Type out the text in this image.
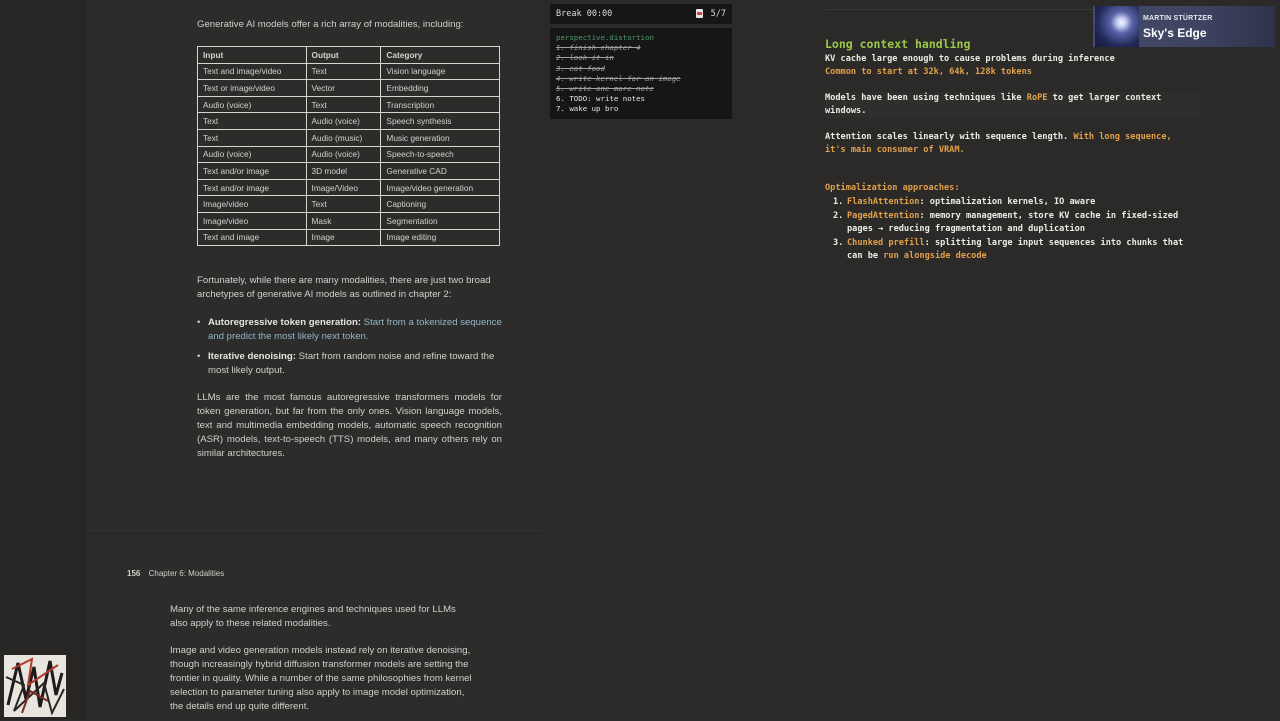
Generative AI models offer a rich array of modalities, including:
Input	Output	Category
Text and image/video	Text	Vision language
Text or image/video	Vector	Embedding
Audio (voice)	Text	Transcription
Text	Audio (voice)	Speech synthesis
Text	Audio (music)	Music generation
Audio (voice)	Audio (voice)	Speech-to-speech
Text and/or image	3D model	Generative CAD
Text and/or image	Image/Video	Image/video generation
Image/video	Text	Captioning
Image/video	Mask	Segmentation
Text and image	Image	Image editing
Fortunately, while there are many modalities, there are just two broad archetypes of generative AI models as outlined in chapter 2:
• Autoregressive token generation: Start from a tokenized sequence and predict the most likely next token.
• Iterative denoising: Start from random noise and refine toward the most likely output.
LLMs are the most famous autoregressive transformers models for token generation, but far from the only ones. Vision language models, text and multimedia embedding models, automatic speech recognition (ASR) models, text-to-speech (TTS) models, and many others rely on similar architectures.
156 Chapter 6: Modalities
Many of the same inference engines and techniques used for LLMs also apply to these related modalities.
Image and video generation models instead rely on iterative denoising, though increasingly hybrid diffusion transformer models are setting the frontier in quality. While a number of the same philosophies from kernel selection to parameter tuning also apply to image model optimization, the details end up quite different.
Break 00:00	5/7
perspective.distortion
1. finish chapter 4
2. look it in
3. eat food
4. write kernel for an image
5. write one more note
6. TODO: write notes
7. wake up bro
Long context handling
KV cache large enough to cause problems during inference
Common to start at 32k, 64k, 128k tokens
Models have been using techniques like RoPE to get larger context windows.
Attention scales linearly with sequence length. With long sequence, it's main consumer of VRAM.
Optimalization approaches:
1. FlashAttention: optimalization kernels, IO aware
2. PagedAttention: memory management, store KV cache in fixed-sized pages → reducing fragmentation and duplication
3. Chunked prefill: splitting large input sequences into chunks that can be run alongside decode
MARTIN STÜRTZER
Sky's Edge
